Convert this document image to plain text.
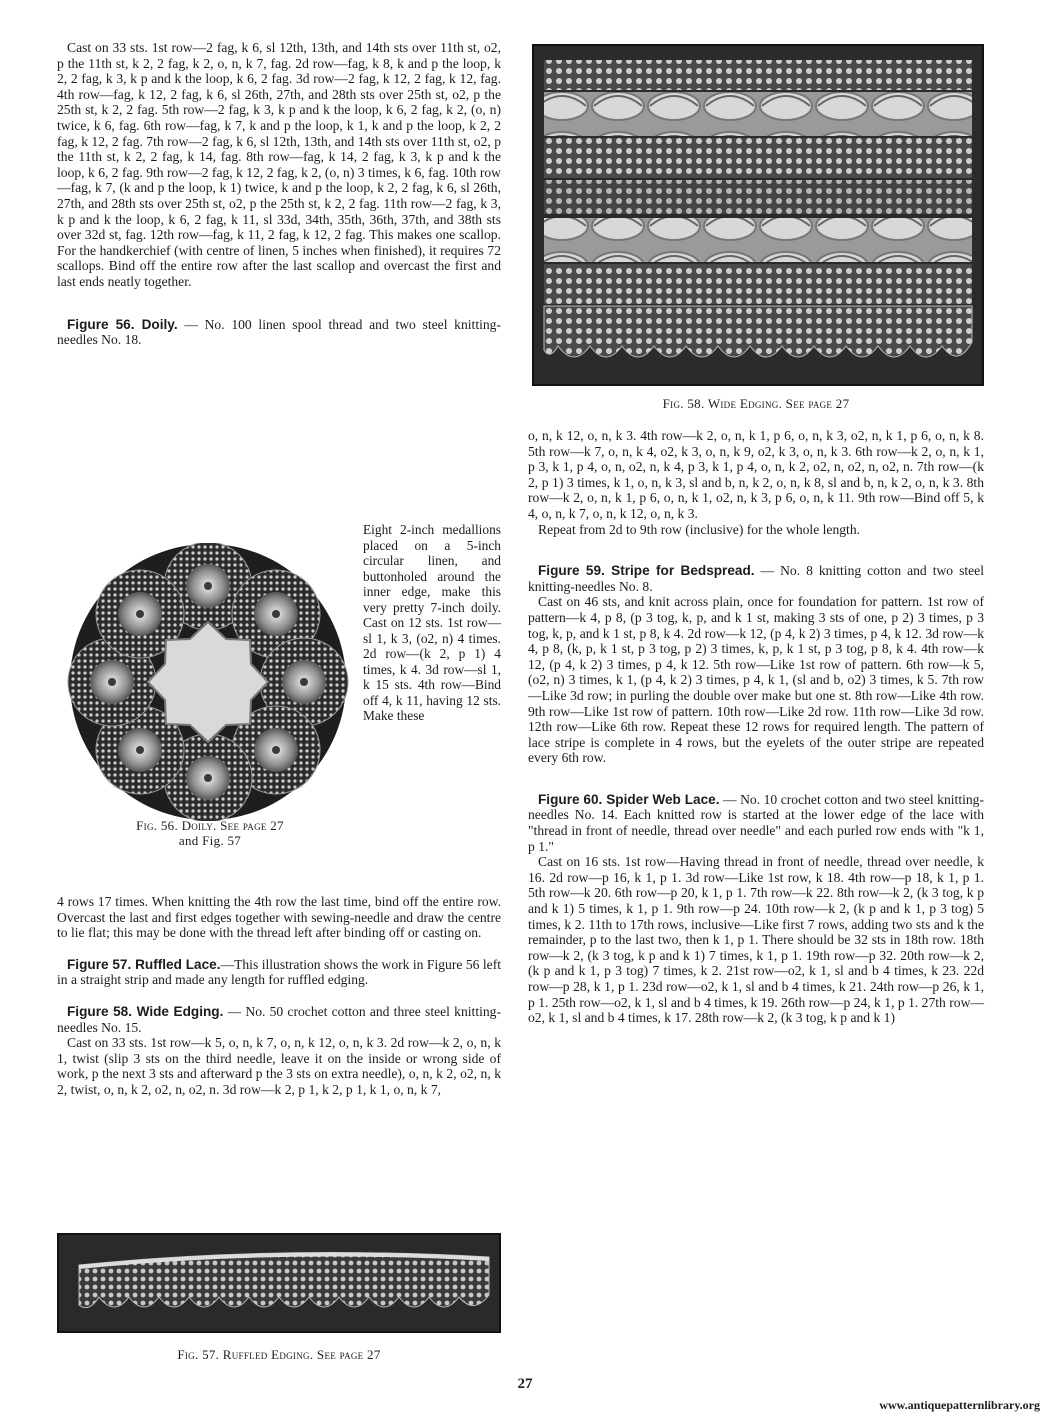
Cast on 33 sts. 1st row—2 fag, k 6, sl 12th, 13th, and 14th sts over 11th st, o2, p the 11th st, k 2, 2 fag, k 2, o, n, k 7, fag. 2d row—fag, k 8, k and p the loop, k 2, 2 fag, k 3, k p and k the loop, k 6, 2 fag. 3d row—2 fag, k 12, 2 fag, k 12, fag. 4th row—fag, k 12, 2 fag, k 6, sl 26th, 27th, and 28th sts over 25th st, o2, p the 25th st, k 2, 2 fag. 5th row—2 fag, k 3, k p and k the loop, k 6, 2 fag, k 2, (o, n) twice, k 6, fag. 6th row—fag, k 7, k and p the loop, k 1, k and p the loop, k 2, 2 fag, k 12, 2 fag. 7th row—2 fag, k 6, sl 12th, 13th, and 14th sts over 11th st, o2, p the 11th st, k 2, 2 fag, k 14, fag. 8th row—fag, k 14, 2 fag, k 3, k p and k the loop, k 6, 2 fag. 9th row—2 fag, k 12, 2 fag, k 2, (o, n) 3 times, k 6, fag. 10th row—fag, k 7, (k and p the loop, k 1) twice, k and p the loop, k 2, 2 fag, k 6, sl 26th, 27th, and 28th sts over 25th st, o2, p the 25th st, k 2, 2 fag. 11th row—2 fag, k 3, k p and k the loop, k 6, 2 fag, k 11, sl 33d, 34th, 35th, 36th, 37th, and 38th sts over 32d st, fag. 12th row—fag, k 11, 2 fag, k 12, 2 fag. This makes one scallop. For the handkerchief (with centre of linen, 5 inches when finished), it requires 72 scallops. Bind off the entire row after the last scallop and overcast the first and last ends neatly together.

Figure 56. Doily. — No. 100 linen spool thread and two steel knitting-needles No. 18.

Eight 2-inch medallions placed on a 5-inch circular linen, and buttonholed around the inner edge, make this very pretty 7-inch doily. Cast on 12 sts. 1st row—sl 1, k 3, (o2, n) 4 times. 2d row—(k 2, p 1) 4 times, k 4. 3d row—sl 1, k 15 sts. 4th row—Bind off 4, k 11, having 12 sts. Make these
Fig. 56. Doily. See page 27
and Fig. 57

4 rows 17 times. When knitting the 4th row the last time, bind off the entire row. Overcast the last and first edges together with sewing-needle and draw the centre to lie flat; this may be done with the thread left after binding off or casting on.

Figure 57. Ruffled Lace.—This illustration shows the work in Figure 56 left in a straight strip and made any length for ruffled edging.

Figure 58. Wide Edging. — No. 50 crochet cotton and three steel knitting-needles No. 15.

Cast on 33 sts. 1st row—k 5, o, n, k 7, o, n, k 12, o, n, k 3. 2d row—k 2, o, n, k 1, twist (slip 3 sts on the third needle, leave it on the inside or wrong side of work, p the next 3 sts and afterward p the 3 sts on extra needle), o, n, k 2, o2, n, k 2, twist, o, n, k 2, o2, n, o2, n. 3d row—k 2, p 1, k 2, p 1, k 1, o, n, k 7,

Fig. 57. Ruffled Edging. See page 27
Fig. 58. Wide Edging. See page 27

o, n, k 12, o, n, k 3. 4th row—k 2, o, n, k 1, p 6, o, n, k 3, o2, n, k 1, p 6, o, n, k 8. 5th row—k 7, o, n, k 4, o2, k 3, o, n, k 9, o2, k 3, o, n, k 3. 6th row—k 2, o, n, k 1, p 3, k 1, p 4, o, n, o2, n, k 4, p 3, k 1, p 4, o, n, k 2, o2, n, o2, n, o2, n. 7th row—(k 2, p 1) 3 times, k 1, o, n, k 3, sl and b, n, k 2, o, n, k 8, sl and b, n, k 2, o, n, k 3. 8th row—k 2, o, n, k 1, p 6, o, n, k 1, o2, n, k 3, p 6, o, n, k 11. 9th row—Bind off 5, k 4, o, n, k 7, o, n, k 12, o, n, k 3.

Repeat from 2d to 9th row (inclusive) for the whole length.

Figure 59. Stripe for Bedspread. — No. 8 knitting cotton and two steel knitting-needles No. 8.

Cast on 46 sts, and knit across plain, once for foundation for pattern. 1st row of pattern—k 4, p 8, (p 3 tog, k, p, and k 1 st, making 3 sts of one, p 2) 3 times, p 3 tog, k, p, and k 1 st, p 8, k 4. 2d row—k 12, (p 4, k 2) 3 times, p 4, k 12. 3d row—k 4, p 8, (k, p, k 1 st, p 3 tog, p 2) 3 times, k, p, k 1 st, p 3 tog, p 8, k 4. 4th row—k 12, (p 4, k 2) 3 times, p 4, k 12. 5th row—Like 1st row of pattern. 6th row—k 5, (o2, n) 3 times, k 1, (p 4, k 2) 3 times, p 4, k 1, (sl and b, o2) 3 times, k 5. 7th row—Like 3d row; in purling the double over make but one st. 8th row—Like 4th row. 9th row—Like 1st row of pattern. 10th row—Like 2d row. 11th row—Like 3d row. 12th row—Like 6th row. Repeat these 12 rows for required length. The pattern of lace stripe is complete in 4 rows, but the eyelets of the outer stripe are repeated every 6th row.

Figure 60. Spider Web Lace. — No. 10 crochet cotton and two steel knitting-needles No. 14. Each knitted row is started at the lower edge of the lace with "thread in front of needle, thread over needle" and each purled row ends with "k 1, p 1."

Cast on 16 sts. 1st row—Having thread in front of needle, thread over needle, k 16. 2d row—p 16, k 1, p 1. 3d row—Like 1st row, k 18. 4th row—p 18, k 1, p 1. 5th row—k 20. 6th row—p 20, k 1, p 1. 7th row—k 22. 8th row—k 2, (k 3 tog, k p and k 1) 5 times, k 1, p 1. 9th row—p 24. 10th row—k 2, (k p and k 1, p 3 tog) 5 times, k 2. 11th to 17th rows, inclusive—Like first 7 rows, adding two sts and k the remainder, p to the last two, then k 1, p 1. There should be 32 sts in 18th row. 18th row—k 2, (k 3 tog, k p and k 1) 7 times, k 1, p 1. 19th row—p 32. 20th row—k 2, (k p and k 1, p 3 tog) 7 times, k 2. 21st row—o2, k 1, sl and b 4 times, k 23. 22d row—p 28, k 1, p 1. 23d row—o2, k 1, sl and b 4 times, k 21. 24th row—p 26, k 1, p 1. 25th row—o2, k 1, sl and b 4 times, k 19. 26th row—p 24, k 1, p 1. 27th row—o2, k 1, sl and b 4 times, k 17. 28th row—k 2, (k 3 tog, k p and k 1)

27
www.antiquepatternlibrary.org
